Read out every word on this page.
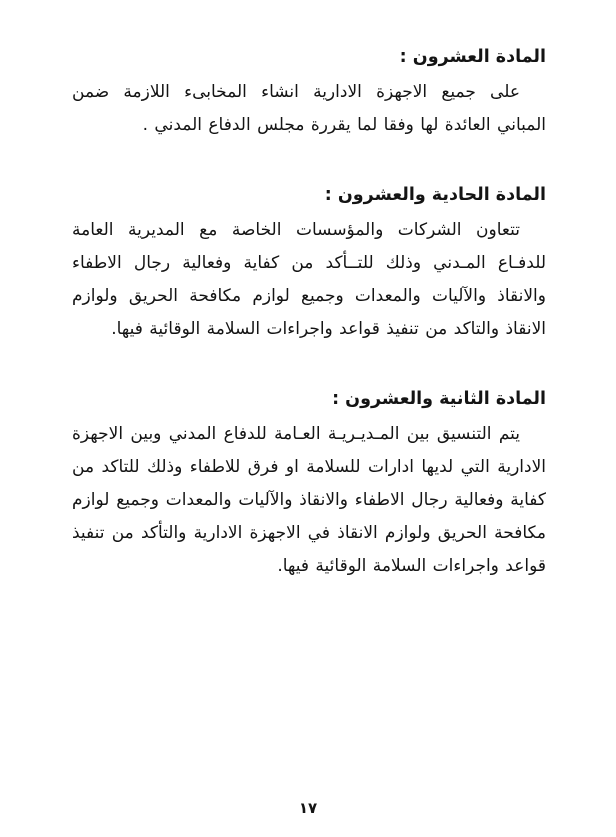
المادة العشرون :

على جميع الاجهزة الادارية انشاء المخابىء اللازمة ضمن المباني العائدة لها وفقا لما يقررة مجلس الدفاع المدني .

المادة الحادية والعشرون :

تتعاون الشركات والمؤسسات الخاصة مع المديرية العامة للدفـاع المـدني وذلك للتــأكد من كفاية وفعالية رجال الاطفاء والانقاذ والآليات والمعدات وجميع لوازم مكافحة الحريق ولوازم الانقاذ والتاكد من تنفيذ قواعد واجراءات السلامة الوقائية فيها.

المادة الثانية والعشرون :

يتم التنسيق بين المـديـريـة العـامة للدفاع المدني وبين الاجهزة الادارية التي لديها ادارات للسلامة او فرق للاطفاء وذلك للتاكد من كفاية وفعالية رجال الاطفاء والانقاذ والآليات والمعدات وجميع لوازم مكافحة الحريق ولوازم الانقاذ في الاجهزة الادارية والتأكد من تنفيذ قواعد واجراءات السلامة الوقائية فيها.

١٧
